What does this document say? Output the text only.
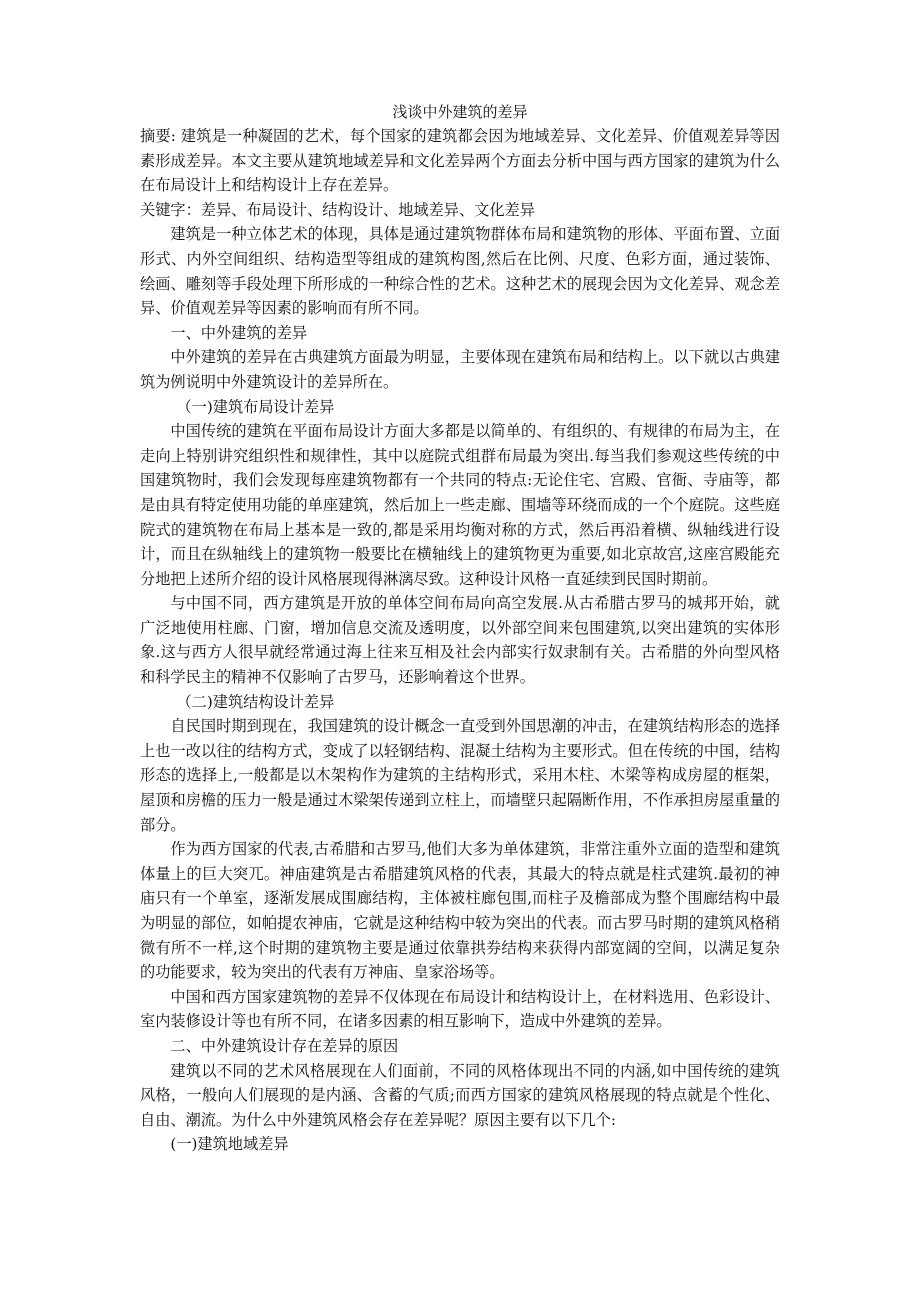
浅谈中外建筑的差异

摘要: 建筑是一种凝固的艺术，每个国家的建筑都会因为地域差异、文化差异、价值观差异等因素形成差异。本文主要从建筑地域差异和文化差异两个方面去分析中国与西方国家的建筑为什么在布局设计上和结构设计上存在差异。

关键字：差异、布局设计、结构设计、地域差异、文化差异

建筑是一种立体艺术的体现，具体是通过建筑物群体布局和建筑物的形体、平面布置、立面形式、内外空间组织、结构造型等组成的建筑构图,然后在比例、尺度、色彩方面，通过装饰、绘画、雕刻等手段处理下所形成的一种综合性的艺术。这种艺术的展现会因为文化差异、观念差异、价值观差异等因素的影响而有所不同。

一、中外建筑的差异

中外建筑的差异在古典建筑方面最为明显，主要体现在建筑布局和结构上。以下就以古典建筑为例说明中外建筑设计的差异所在。

（一)建筑布局设计差异

中国传统的建筑在平面布局设计方面大多都是以简单的、有组织的、有规律的布局为主，在走向上特别讲究组织性和规律性，其中以庭院式组群布局最为突出.每当我们参观这些传统的中国建筑物时，我们会发现每座建筑物都有一个共同的特点:无论住宅、宫殿、官衙、寺庙等，都是由具有特定使用功能的单座建筑，然后加上一些走廊、围墙等环绕而成的一个个庭院。这些庭院式的建筑物在布局上基本是一致的,都是采用均衡对称的方式，然后再沿着横、纵轴线进行设计，而且在纵轴线上的建筑物一般要比在横轴线上的建筑物更为重要,如北京故宫,这座宫殿能充分地把上述所介绍的设计风格展现得淋漓尽致。这种设计风格一直延续到民国时期前。

与中国不同，西方建筑是开放的单体空间布局向高空发展.从古希腊古罗马的城邦开始，就广泛地使用柱廊、门窗，增加信息交流及透明度，以外部空间来包围建筑,以突出建筑的实体形象.这与西方人很早就经常通过海上往来互相及社会内部实行奴隶制有关。古希腊的外向型风格和科学民主的精神不仅影响了古罗马，还影响着这个世界。

（二)建筑结构设计差异

自民国时期到现在，我国建筑的设计概念一直受到外国思潮的冲击，在建筑结构形态的选择上也一改以往的结构方式，变成了以轻钢结构、混凝土结构为主要形式。但在传统的中国，结构形态的选择上,一般都是以木架构作为建筑的主结构形式，采用木柱、木梁等构成房屋的框架，屋顶和房檐的压力一般是通过木梁架传递到立柱上，而墙壁只起隔断作用，不作承担房屋重量的部分。

作为西方国家的代表,古希腊和古罗马,他们大多为单体建筑，非常注重外立面的造型和建筑体量上的巨大突兀。神庙建筑是古希腊建筑风格的代表，其最大的特点就是柱式建筑.最初的神庙只有一个单室，逐渐发展成围廊结构，主体被柱廊包围,而柱子及檐部成为整个围廊结构中最为明显的部位，如帕提农神庙，它就是这种结构中较为突出的代表。而古罗马时期的建筑风格稍微有所不一样,这个时期的建筑物主要是通过依靠拱券结构来获得内部宽阔的空间，以满足复杂的功能要求，较为突出的代表有万神庙、皇家浴场等。

中国和西方国家建筑物的差异不仅体现在布局设计和结构设计上，在材料选用、色彩设计、室内装修设计等也有所不同，在诸多因素的相互影响下，造成中外建筑的差异。

二、中外建筑设计存在差异的原因

建筑以不同的艺术风格展现在人们面前，不同的风格体现出不同的内涵,如中国传统的建筑风格，一般向人们展现的是内涵、含蓄的气质;而西方国家的建筑风格展现的特点就是个性化、自由、潮流。为什么中外建筑风格会存在差异呢？原因主要有以下几个:

(一)建筑地域差异
